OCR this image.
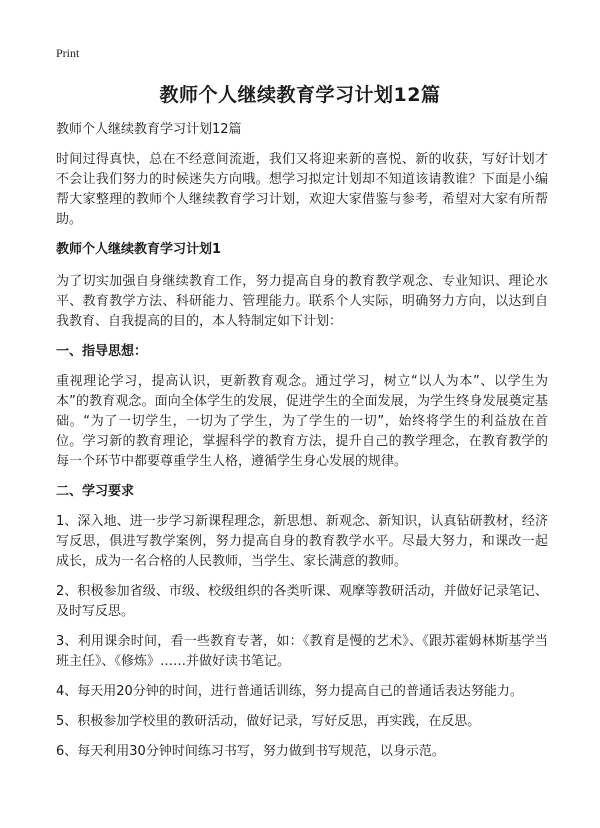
Print
教师个人继续教育学习计划12篇

教师个人继续教育学习计划12篇

时间过得真快，总在不经意间流逝，我们又将迎来新的喜悦、新的收获，写好计划才不会让我们努力的时候迷失方向哦。想学习拟定计划却不知道该请教谁？下面是小编帮大家整理的教师个人继续教育学习计划，欢迎大家借鉴与参考，希望对大家有所帮助。

教师个人继续教育学习计划1

为了切实加强自身继续教育工作，努力提高自身的教育教学观念、专业知识、理论水平、教育教学方法、科研能力、管理能力。联系个人实际，明确努力方向，以达到自我教育、自我提高的目的，本人特制定如下计划：

一、指导思想：

重视理论学习，提高认识，更新教育观念。通过学习，树立“以人为本”、以学生为本”的教育观念。面向全体学生的发展，促进学生的全面发展，为学生终身发展奠定基础。“为了一切学生，一切为了学生，为了学生的一切”，始终将学生的利益放在首位。学习新的教育理论，掌握科学的教育方法，提升自己的教学理念，在教育教学的每一个环节中都要尊重学生人格，遵循学生身心发展的规律。

二、学习要求

1、深入地、进一步学习新课程理念，新思想、新观念、新知识，认真钻研教材，经济写反思，俱进写教学案例，努力提高自身的教育教学水平。尽最大努力，和课改一起成长，成为一名合格的人民教师，当学生、家长满意的教师。

2、积极参加省级、市级、校级组织的各类听课、观摩等教研活动，并做好记录笔记、及时写反思。

3、利用课余时间，看一些教育专著，如：《教育是慢的艺术》、《跟苏霍姆林斯基学当班主任》、《修炼》……并做好读书笔记。

4、每天用20分钟的时间，进行普通话训练，努力提高自己的普通话表达努能力。

5、积极参加学校里的教研活动，做好记录，写好反思，再实践，在反思。

6、每天利用30分钟时间练习书写，努力做到书写规范，以身示范。
